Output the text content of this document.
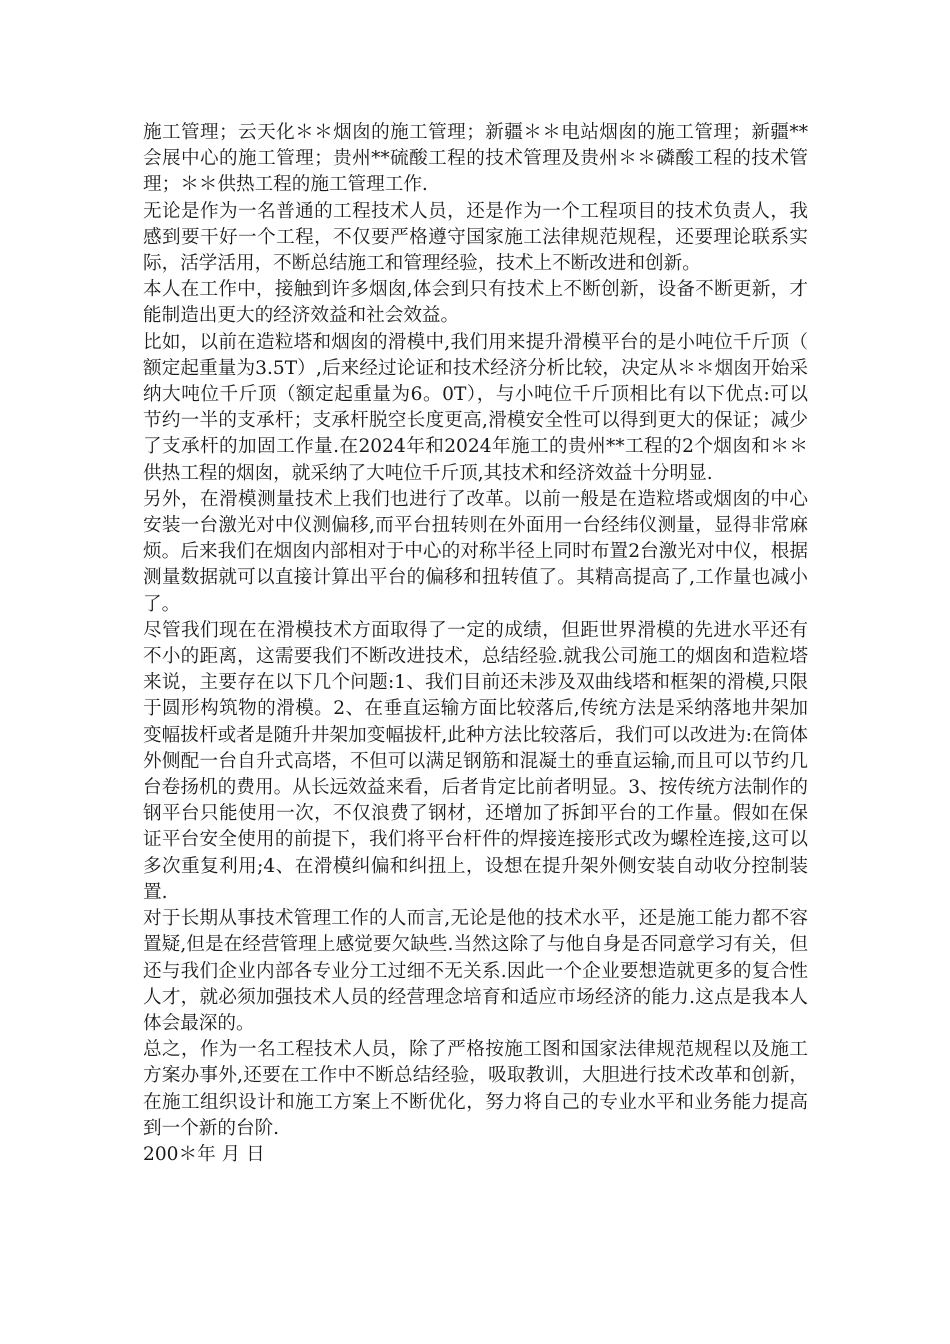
施工管理；云天化＊＊烟囱的施工管理；新疆＊＊电站烟囱的施工管理；新疆**会展中心的施工管理；贵州**硫酸工程的技术管理及贵州＊＊磷酸工程的技术管理；＊＊供热工程的施工管理工作.

无论是作为一名普通的工程技术人员，还是作为一个工程项目的技术负责人，我感到要干好一个工程，不仅要严格遵守国家施工法律规范规程，还要理论联系实际，活学活用，不断总结施工和管理经验，技术上不断改进和创新。

本人在工作中，接触到许多烟囱,体会到只有技术上不断创新，设备不断更新，才能制造出更大的经济效益和社会效益。

比如，以前在造粒塔和烟囱的滑模中,我们用来提升滑模平台的是小吨位千斤顶（额定起重量为3.5T）,后来经过论证和技术经济分析比较，决定从＊＊烟囱开始采纳大吨位千斤顶（额定起重量为6。0T），与小吨位千斤顶相比有以下优点:可以节约一半的支承杆；支承杆脱空长度更高,滑模安全性可以得到更大的保证；减少了支承杆的加固工作量.在2024年和2024年施工的贵州**工程的2个烟囱和＊＊供热工程的烟囱，就采纳了大吨位千斤顶,其技术和经济效益十分明显.

另外，在滑模测量技术上我们也进行了改革。以前一般是在造粒塔或烟囱的中心安装一台激光对中仪测偏移,而平台扭转则在外面用一台经纬仪测量，显得非常麻烦。后来我们在烟囱内部相对于中心的对称半径上同时布置2台激光对中仪，根据测量数据就可以直接计算出平台的偏移和扭转值了。其精高提高了,工作量也减小了。

尽管我们现在在滑模技术方面取得了一定的成绩，但距世界滑模的先进水平还有不小的距离，这需要我们不断改进技术，总结经验.就我公司施工的烟囱和造粒塔来说，主要存在以下几个问题:1、我们目前还未涉及双曲线塔和框架的滑模,只限于圆形构筑物的滑模。2、在垂直运输方面比较落后,传统方法是采纳落地井架加变幅拔杆或者是随升井架加变幅拔杆,此种方法比较落后，我们可以改进为:在筒体外侧配一台自升式高塔，不但可以满足钢筋和混凝土的垂直运输,而且可以节约几台卷扬机的费用。从长远效益来看，后者肯定比前者明显。3、按传统方法制作的钢平台只能使用一次，不仅浪费了钢材，还增加了拆卸平台的工作量。假如在保证平台安全使用的前提下，我们将平台杆件的焊接连接形式改为螺栓连接,这可以多次重复利用;4、在滑模纠偏和纠扭上，设想在提升架外侧安装自动收分控制装置.

对于长期从事技术管理工作的人而言,无论是他的技术水平，还是施工能力都不容置疑,但是在经营管理上感觉要欠缺些.当然这除了与他自身是否同意学习有关，但还与我们企业内部各专业分工过细不无关系.因此一个企业要想造就更多的复合性人才，就必须加强技术人员的经营理念培育和适应市场经济的能力.这点是我本人体会最深的。

总之，作为一名工程技术人员，除了严格按施工图和国家法律规范规程以及施工方案办事外,还要在工作中不断总结经验，吸取教训，大胆进行技术改革和创新，在施工组织设计和施工方案上不断优化，努力将自己的专业水平和业务能力提高到一个新的台阶.

200＊年 月 日
